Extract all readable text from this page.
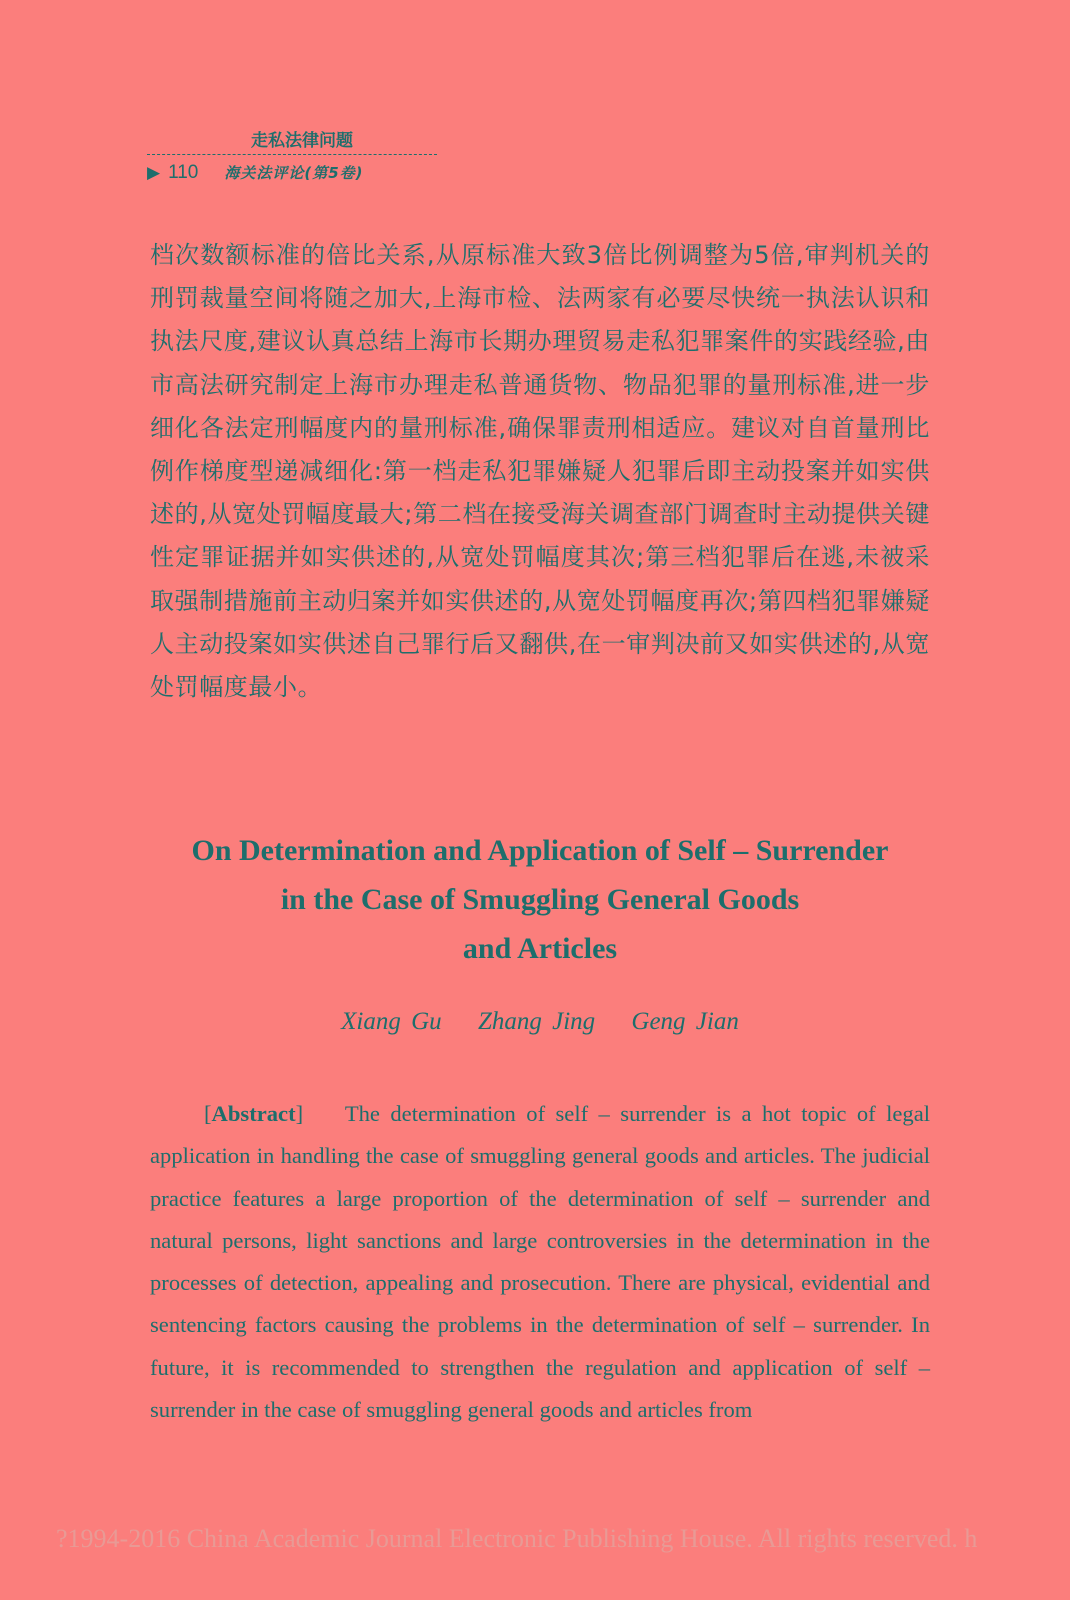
走私法律问题
▶ 110 海关法评论(第5卷)
档次数额标准的倍比关系,从原标准大致3倍比例调整为5倍,审判机关的刑罚裁量空间将随之加大,上海市检、法两家有必要尽快统一执法认识和执法尺度,建议认真总结上海市长期办理贸易走私犯罪案件的实践经验,由市高法研究制定上海市办理走私普通货物、物品犯罪的量刑标准,进一步细化各法定刑幅度内的量刑标准,确保罪责刑相适应。建议对自首量刑比例作梯度型递减细化:第一档走私犯罪嫌疑人犯罪后即主动投案并如实供述的,从宽处罚幅度最大;第二档在接受海关调查部门调查时主动提供关键性定罪证据并如实供述的,从宽处罚幅度其次;第三档犯罪后在逃,未被采取强制措施前主动归案并如实供述的,从宽处罚幅度再次;第四档犯罪嫌疑人主动投案如实供述自己罪行后又翻供,在一审判决前又如实供述的,从宽处罚幅度最小。
On Determination and Application of Self – Surrender
in the Case of Smuggling General Goods
and Articles
Xiang Gu Zhang Jing Geng Jian
[Abstract] The determination of self – surrender is a hot topic of legal application in handling the case of smuggling general goods and articles. The judicial practice features a large proportion of the determination of self – surrender and natural persons, light sanctions and large controversies in the determination in the processes of detection, appealing and prosecution. There are physical, evidential and sentencing factors causing the problems in the determination of self – surrender. In future, it is recommended to strengthen the regulation and application of self – surrender in the case of smuggling general goods and articles from
?1994-2016 China Academic Journal Electronic Publishing House. All rights reserved. h
